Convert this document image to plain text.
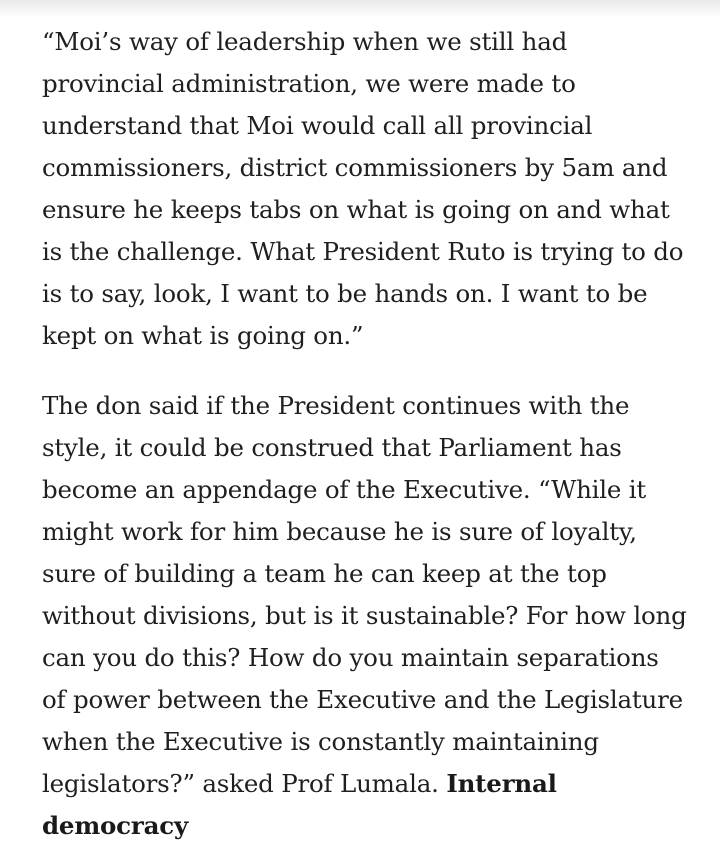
“Moi’s way of leadership when we still had provincial administration, we were made to understand that Moi would call all provincial commissioners, district commissioners by 5am and ensure he keeps tabs on what is going on and what is the challenge. What President Ruto is trying to do is to say, look, I want to be hands on. I want to be kept on what is going on.”

The don said if the President continues with the style, it could be construed that Parliament has become an appendage of the Executive. “While it might work for him because he is sure of loyalty, sure of building a team he can keep at the top without divisions, but is it sustainable? For how long can you do this? How do you maintain separations of power between the Executive and the Legislature when the Executive is constantly maintaining legislators?” asked Prof Lumala. Internal democracy
